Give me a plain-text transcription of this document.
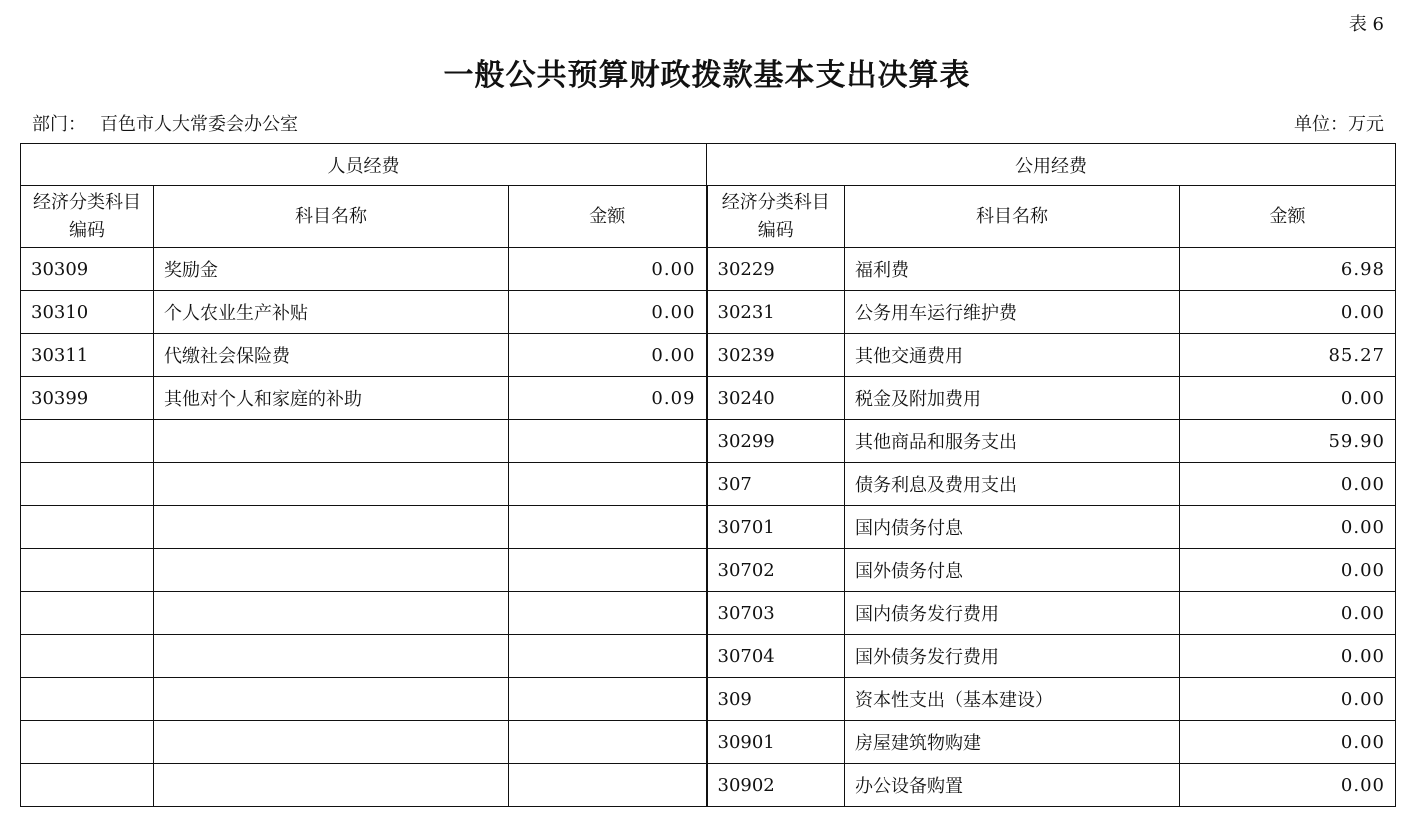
表 6
一般公共预算财政拨款基本支出决算表
部门： 百色市人大常委会办公室	单位：万元
人员经费			公用经费		
经济分类科目编码	科目名称	金额	经济分类科目编码	科目名称	金额
30309	奖励金	0.00	30229	福利费	6.98
30310	个人农业生产补贴	0.00	30231	公务用车运行维护费	0.00
30311	代缴社会保险费	0.00	30239	其他交通费用	85.27
30399	其他对个人和家庭的补助	0.09	30240	税金及附加费用	0.00
			30299	其他商品和服务支出	59.90
			307	债务利息及费用支出	0.00
			30701	国内债务付息	0.00
			30702	国外债务付息	0.00
			30703	国内债务发行费用	0.00
			30704	国外债务发行费用	0.00
			309	资本性支出（基本建设）	0.00
			30901	房屋建筑物购建	0.00
			30902	办公设备购置	0.00
